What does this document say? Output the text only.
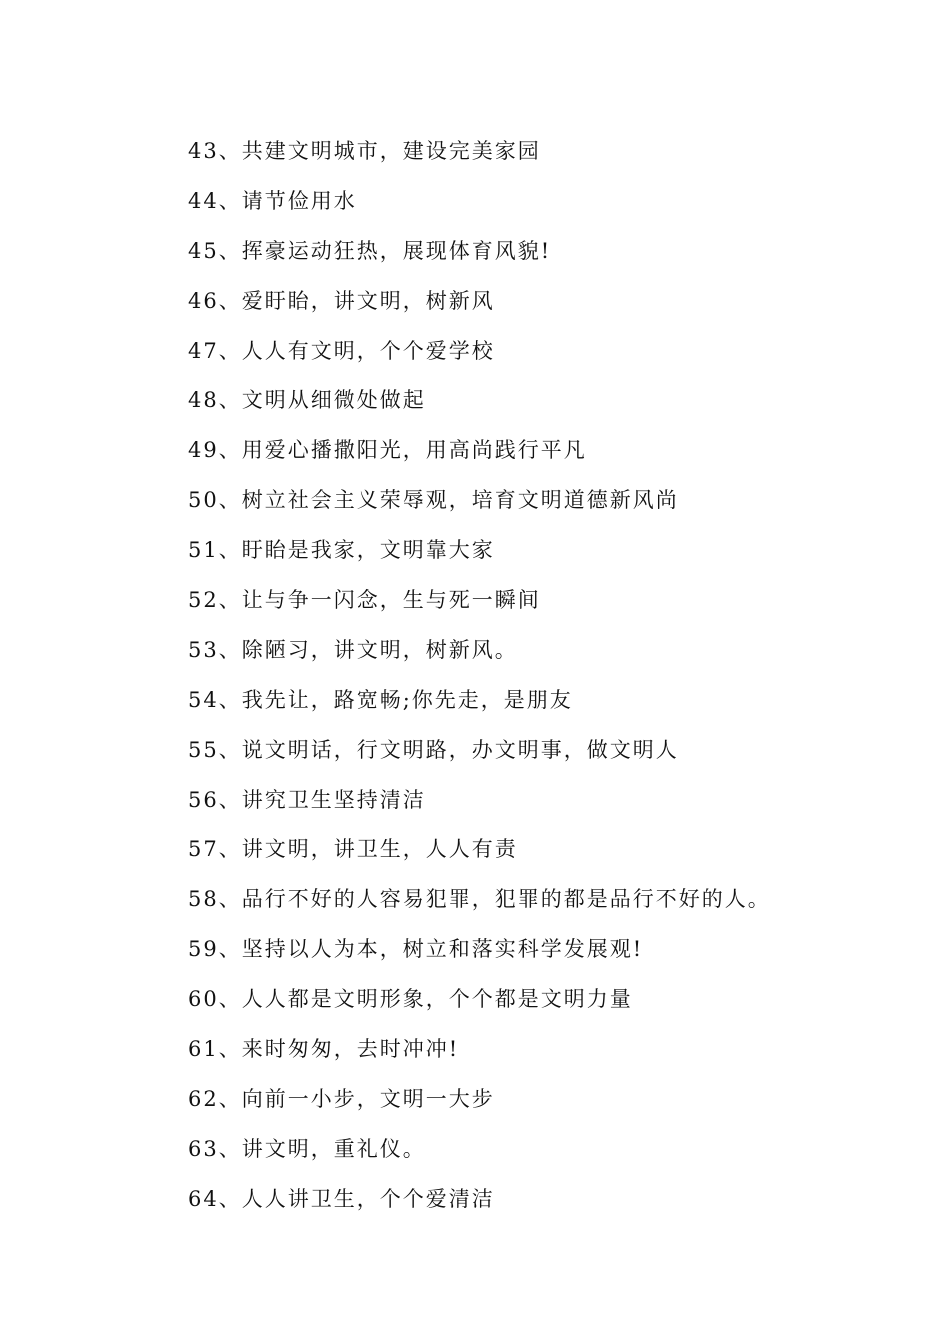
43、共建文明城市，建设完美家园
44、请节俭用水
45、挥豪运动狂热，展现体育风貌!
46、爱盱眙，讲文明，树新风
47、人人有文明，个个爱学校
48、文明从细微处做起
49、用爱心播撒阳光，用高尚践行平凡
50、树立社会主义荣辱观，培育文明道德新风尚
51、盱眙是我家，文明靠大家
52、让与争一闪念，生与死一瞬间
53、除陋习，讲文明，树新风。
54、我先让，路宽畅;你先走，是朋友
55、说文明话，行文明路，办文明事，做文明人
56、讲究卫生坚持清洁
57、讲文明，讲卫生，人人有责
58、品行不好的人容易犯罪，犯罪的都是品行不好的人。
59、坚持以人为本，树立和落实科学发展观!
60、人人都是文明形象，个个都是文明力量
61、来时匆匆，去时冲冲!
62、向前一小步，文明一大步
63、讲文明，重礼仪。
64、人人讲卫生，个个爱清洁
